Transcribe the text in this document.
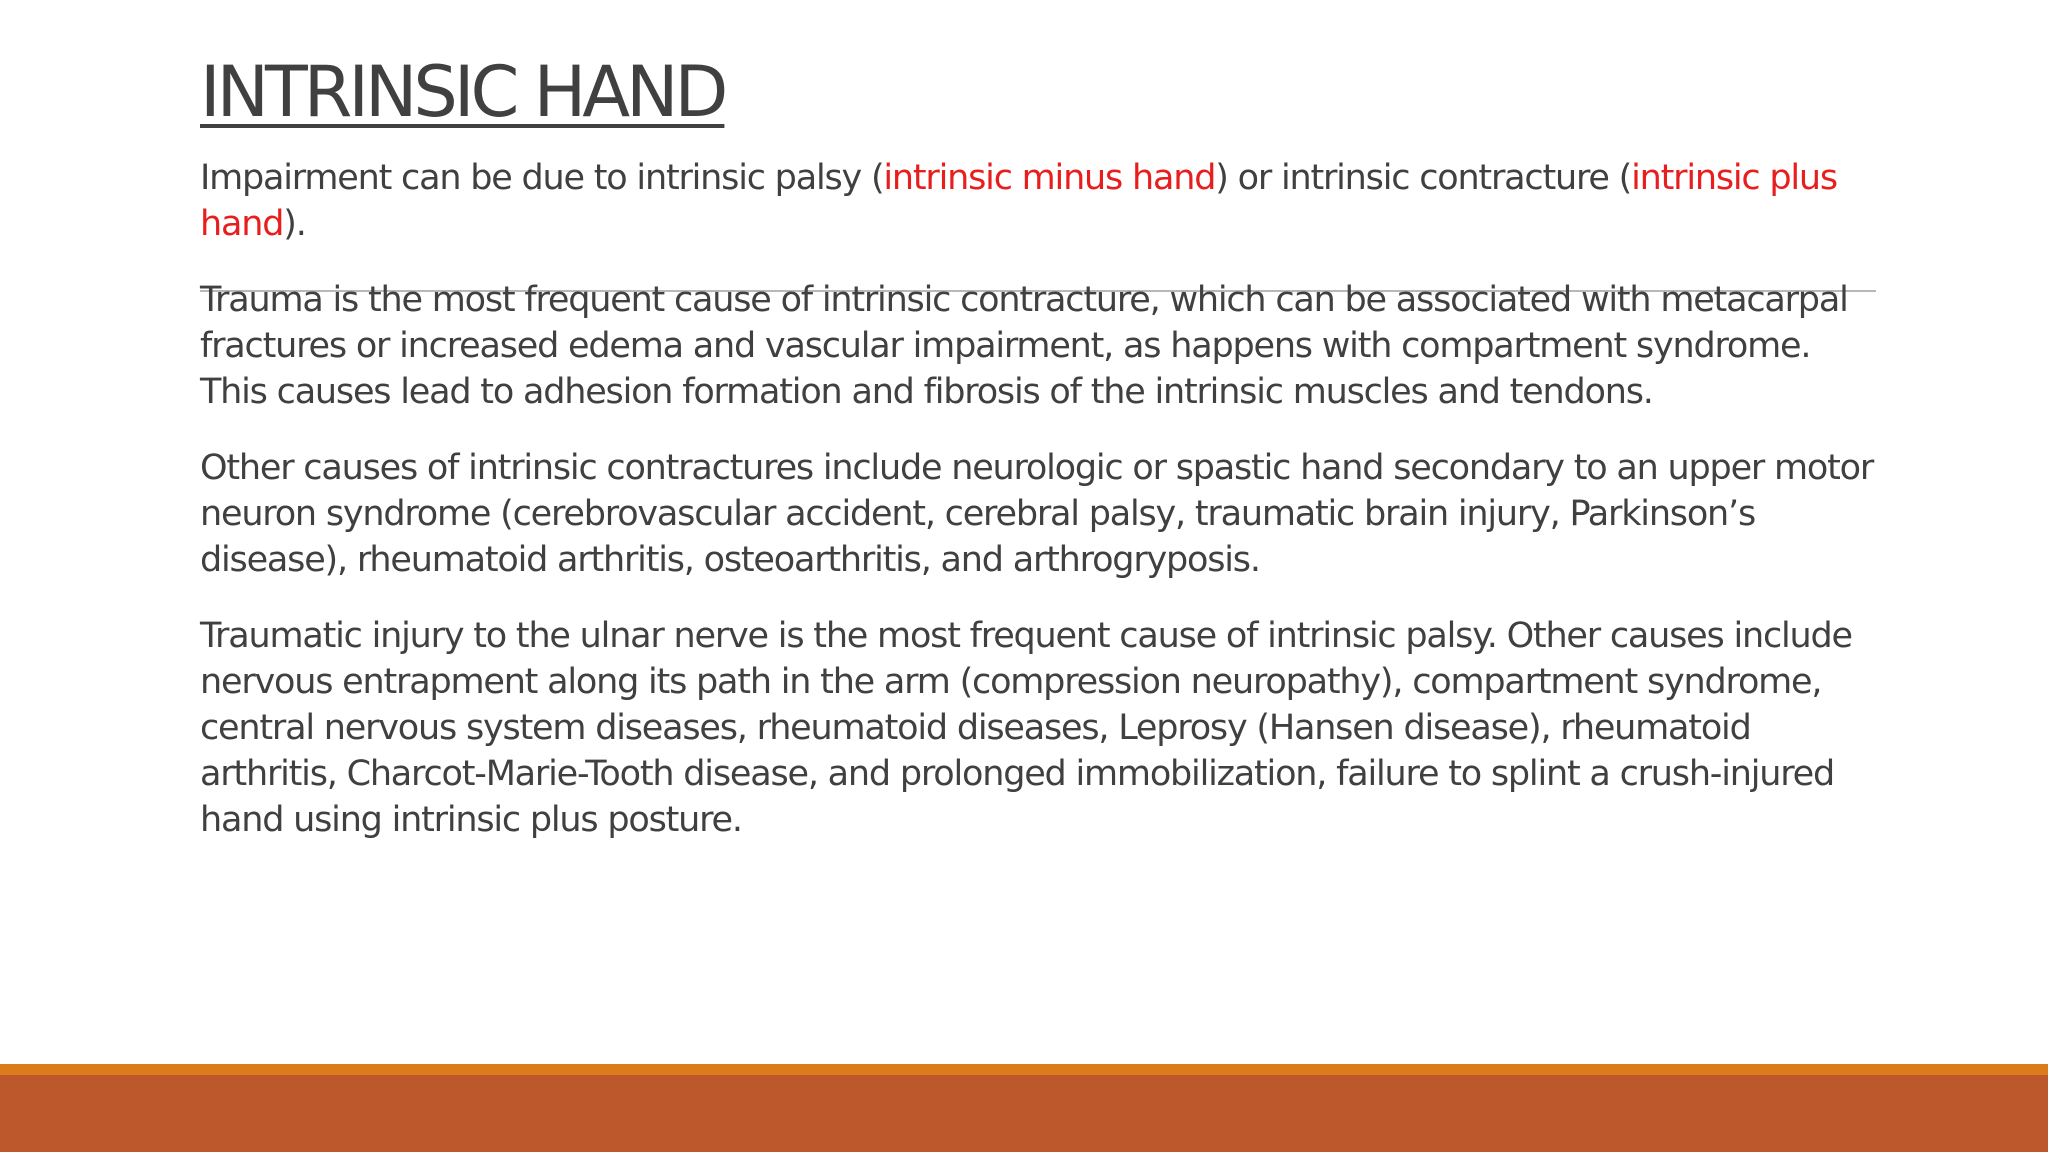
INTRINSIC HAND

Impairment can be due to intrinsic palsy (intrinsic minus hand) or intrinsic contracture (intrinsic plus hand).

Trauma is the most frequent cause of intrinsic contracture, which can be associated with metacarpal fractures or increased edema and vascular impairment, as happens with compartment syndrome. This causes lead to adhesion formation and fibrosis of the intrinsic muscles and tendons.

Other causes of intrinsic contractures include neurologic or spastic hand secondary to an upper motor neuron syndrome (cerebrovascular accident, cerebral palsy, traumatic brain injury, Parkinson’s disease), rheumatoid arthritis, osteoarthritis, and arthrogryposis.

Traumatic injury to the ulnar nerve is the most frequent cause of intrinsic palsy. Other causes include nervous entrapment along its path in the arm (compression neuropathy), compartment syndrome, central nervous system diseases, rheumatoid diseases, Leprosy (Hansen disease), rheumatoid arthritis, Charcot-Marie-Tooth disease, and prolonged immobilization, failure to splint a crush-injured hand using intrinsic plus posture.
